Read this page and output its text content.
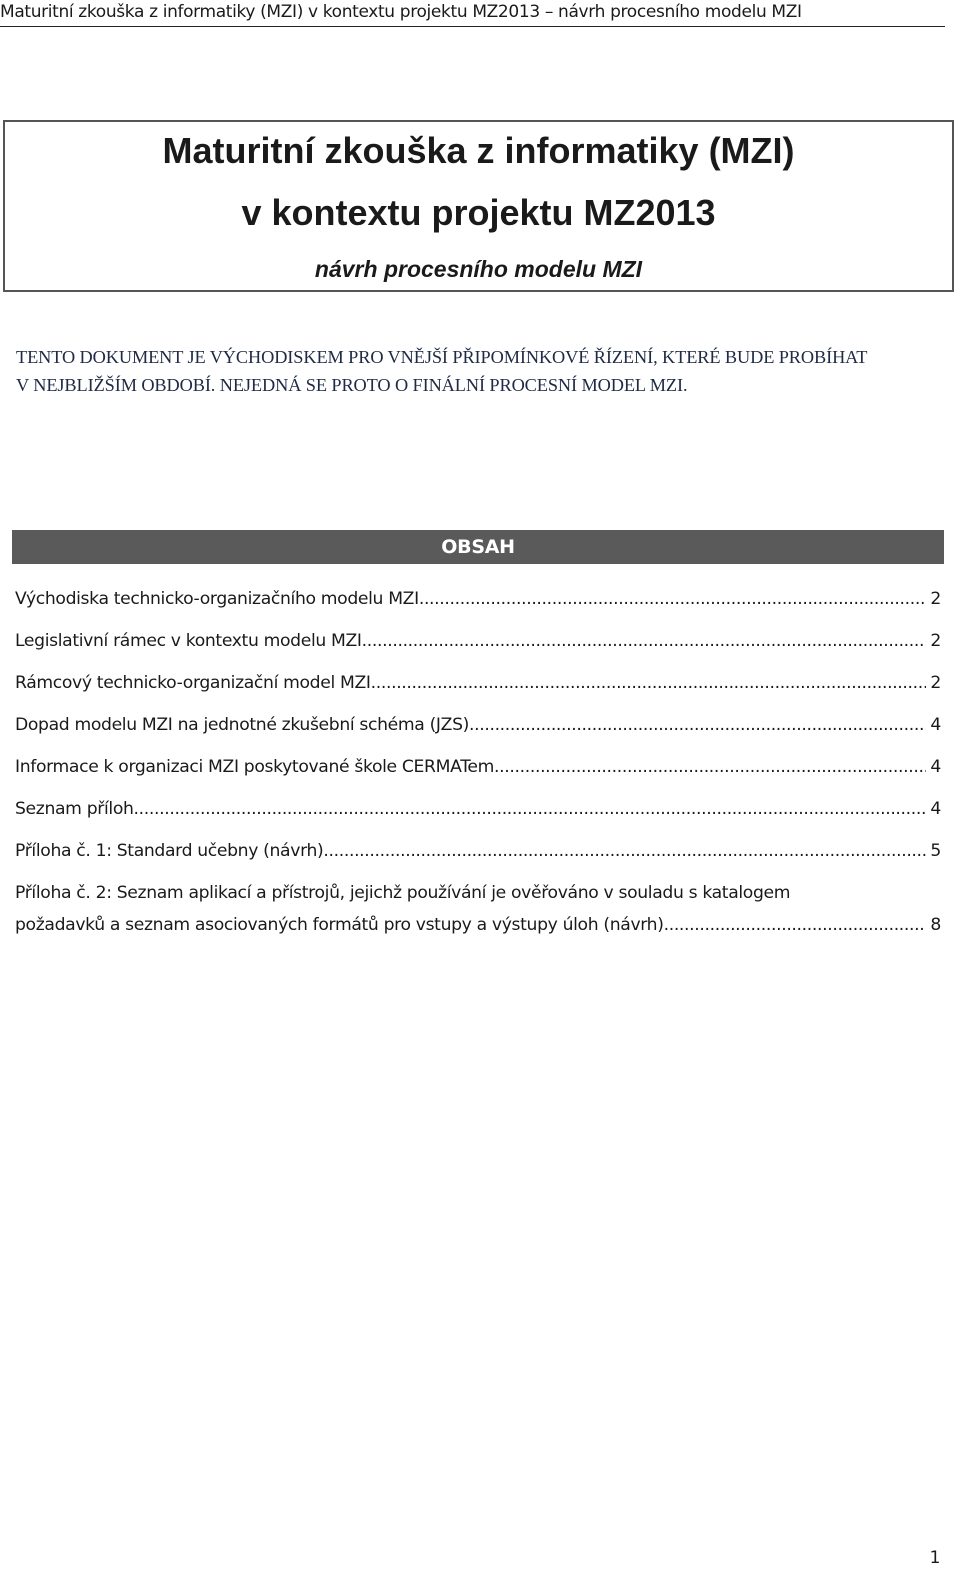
Maturitní zkouška z informatiky (MZI) v kontextu projektu MZ2013 – návrh procesního modelu MZI
Maturitní zkouška z informatiky (MZI)
v kontextu projektu MZ2013
návrh procesního modelu MZI
TENTO DOKUMENT JE VÝCHODISKEM PRO VNĚJŠÍ PŘIPOMÍNKOVÉ ŘÍZENÍ, KTERÉ BUDE PROBÍHAT
V NEJBLIŽŠÍM OBDOBÍ. NEJEDNÁ SE PROTO O FINÁLNÍ PROCESNÍ MODEL MZI.
OBSAH
Východiska technicko-organizačního modelu MZI .....	2
Legislativní rámec v kontextu modelu MZI .....	2
Rámcový technicko-organizační model MZI .....	2
Dopad modelu MZI na jednotné zkušební schéma (JZS) .....	4
Informace k organizaci MZI poskytované škole CERMATem .....	4
Seznam příloh .....	4
Příloha č. 1: Standard učebny (návrh) .....	5
Příloha č. 2: Seznam aplikací a přístrojů, jejichž používání je ověřováno v souladu s katalogem
požadavků a seznam asociovaných formátů pro vstupy a výstupy úloh (návrh) .....	8
1
